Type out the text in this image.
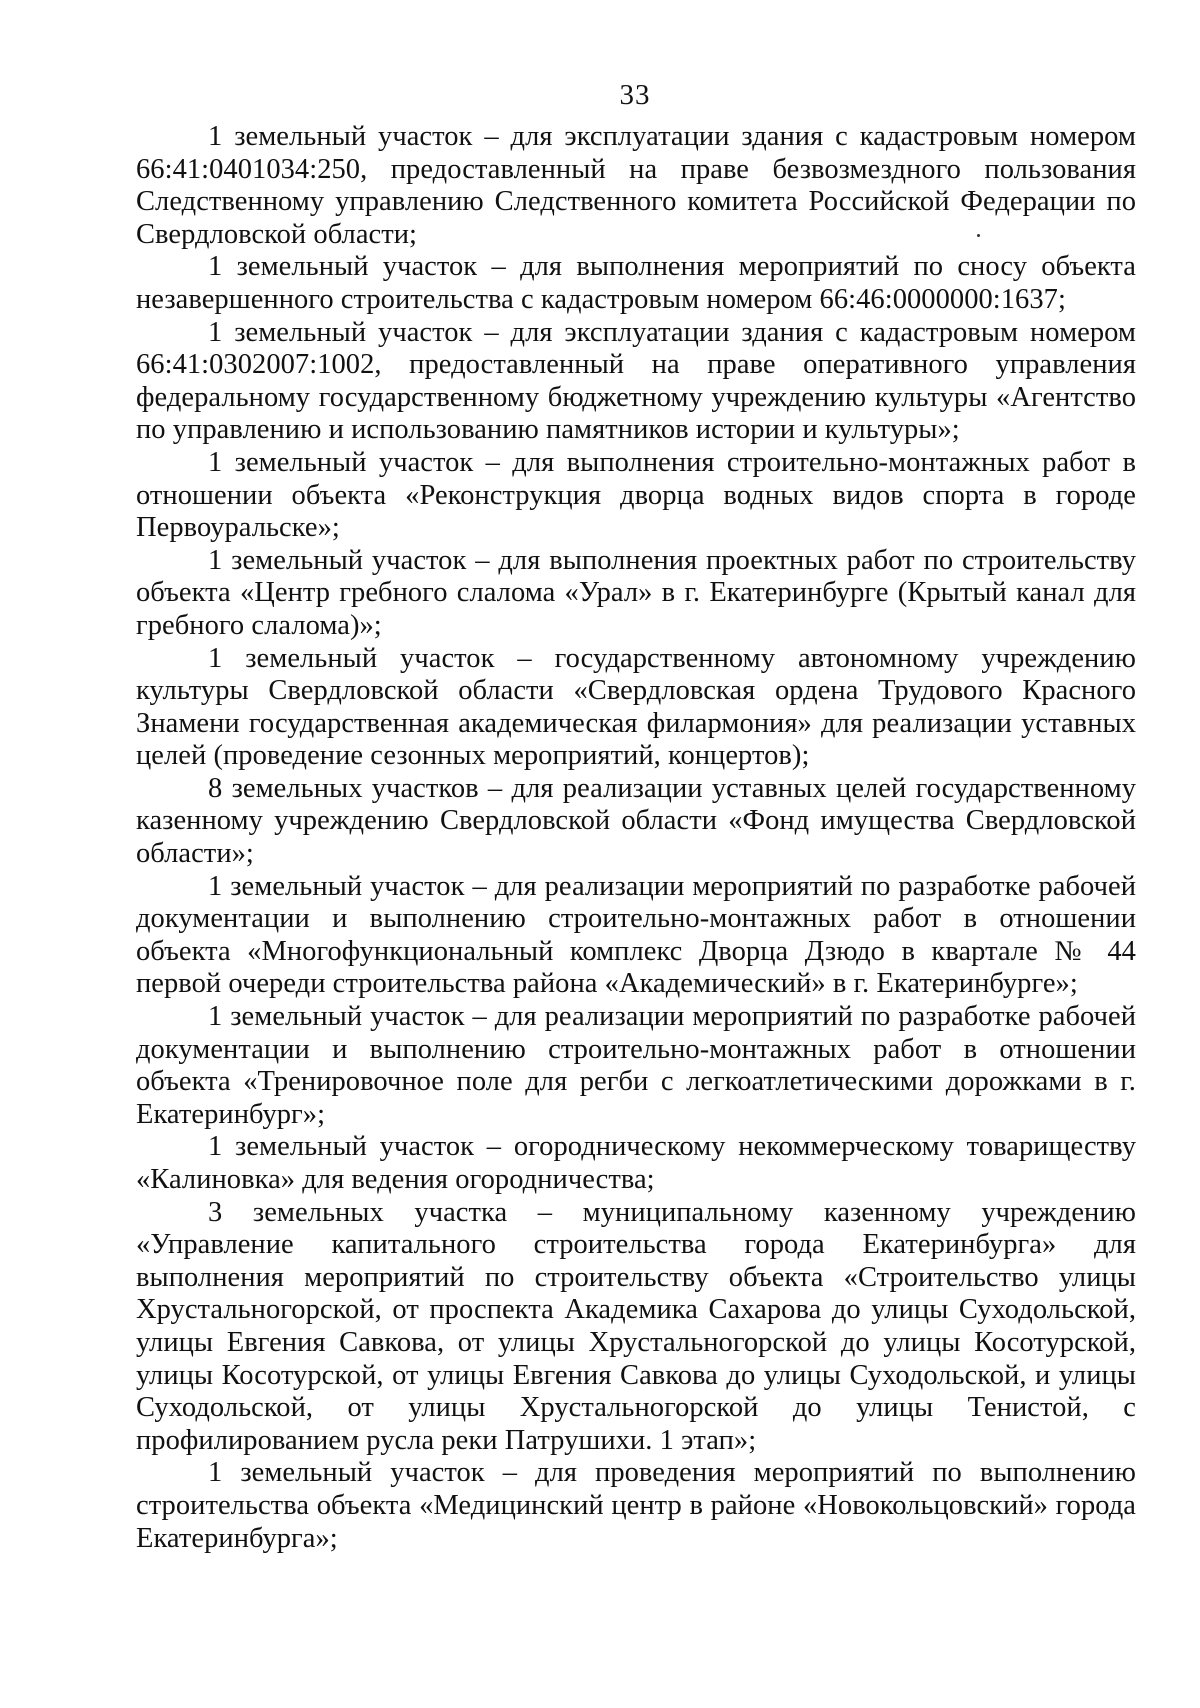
33

1 земельный участок – для эксплуатации здания с кадастровым номером 66:41:0401034:250, предоставленный на праве безвозмездного пользования Следственному управлению Следственного комитета Российской Федерации по Свердловской области;

1 земельный участок – для выполнения мероприятий по сносу объекта незавершенного строительства с кадастровым номером 66:46:0000000:1637;

1 земельный участок – для эксплуатации здания с кадастровым номером 66:41:0302007:1002, предоставленный на праве оперативного управления федеральному государственному бюджетному учреждению культуры «Агентство по управлению и использованию памятников истории и культуры»;

1 земельный участок – для выполнения строительно-монтажных работ в отношении объекта «Реконструкция дворца водных видов спорта в городе Первоуральске»;

1 земельный участок – для выполнения проектных работ по строительству объекта «Центр гребного слалома «Урал» в г. Екатеринбурге (Крытый канал для гребного слалома)»;

1 земельный участок – государственному автономному учреждению культуры Свердловской области «Свердловская ордена Трудового Красного Знамени государственная академическая филармония» для реализации уставных целей (проведение сезонных мероприятий, концертов);

8 земельных участков – для реализации уставных целей государственному казенному учреждению Свердловской области «Фонд имущества Свердловской области»;

1 земельный участок – для реализации мероприятий по разработке рабочей документации и выполнению строительно-монтажных работ в отношении объекта «Многофункциональный комплекс Дворца Дзюдо в квартале № 44 первой очереди строительства района «Академический» в г. Екатеринбурге»;

1 земельный участок – для реализации мероприятий по разработке рабочей документации и выполнению строительно-монтажных работ в отношении объекта «Тренировочное поле для регби с легкоатлетическими дорожками в г. Екатеринбург»;

1 земельный участок – огородническому некоммерческому товариществу «Калиновка» для ведения огородничества;

3 земельных участка – муниципальному казенному учреждению «Управление капитального строительства города Екатеринбурга» для выполнения мероприятий по строительству объекта «Строительство улицы Хрустальногорской, от проспекта Академика Сахарова до улицы Суходольской, улицы Евгения Савкова, от улицы Хрустальногорской до улицы Косотурской, улицы Косотурской, от улицы Евгения Савкова до улицы Суходольской, и улицы Суходольской, от улицы Хрустальногорской до улицы Тенистой, с профилированием русла реки Патрушихи. 1 этап»;

1 земельный участок – для проведения мероприятий по выполнению строительства объекта «Медицинский центр в районе «Новокольцовский» города Екатеринбурга»;
